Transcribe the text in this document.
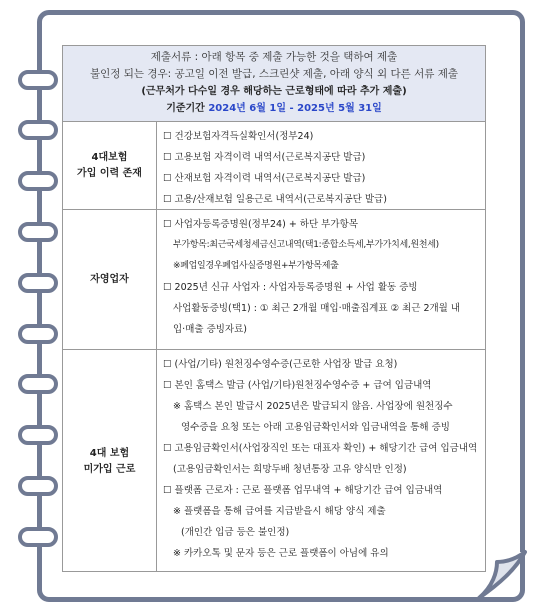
제출서류 : 아래 항목 중 제출 가능한 것을 택하여 제출
불인정 되는 경우: 공고일 이전 발급, 스크린샷 제출, 아래 양식 외 다른 서류 제출
(근무처가 다수일 경우 해당하는 근로형태에 따라 추가 제출)
기준기간 2024년 6월 1일 - 2025년 5월 31일
4대보험
가입 이력 존재
☐ 건강보험자격득실확인서(정부24)
☐ 고용보험 자격이력 내역서(근로복지공단 발급)
☐ 산재보험 자격이력 내역서(근로복지공단 발급)
☐ 고용/산재보험 일용근로 내역서(근로복지공단 발급)
자영업자
☐ 사업자등록증명원(정부24) + 하단 부가항목
부가항목:최근국세청세금신고내역(택1:종합소득세,부가가치세,원천세)
※폐업일경우폐업사실증명원+부가항목제출
☐ 2025년 신규 사업자 : 사업자등록증명원 + 사업 활동 증빙
사업활동증빙(택1) : ① 최근 2개월 매입·매출집계표 ② 최근 2개월 내
입·매출 증빙자료)
4대 보험
미가입 근로
☐ (사업/기타) 원천징수영수증(근로한 사업장 발급 요청)
☐ 본인 홈택스 발급 (사업/기타)원천징수영수증 + 급여 입금내역
※ 홈택스 본인 발급시 2025년은 발급되지 않음. 사업장에 원천징수
영수증을 요청 또는 아래 고용임금확인서와 입금내역을 통해 증빙
☐ 고용임금확인서(사업장직인 또는 대표자 확인) + 해당기간 급여 입금내역
(고용임금확인서는 희망두배 청년통장 고유 양식만 인정)
☐ 플랫폼 근로자 : 근로 플랫폼 업무내역 + 해당기간 급여 입금내역
※ 플랫폼을 통해 급여를 지급받을시 해당 양식 제출
(개인간 입금 등은 불인정)
※ 카카오톡 및 문자 등은 근로 플랫폼이 아님에 유의
